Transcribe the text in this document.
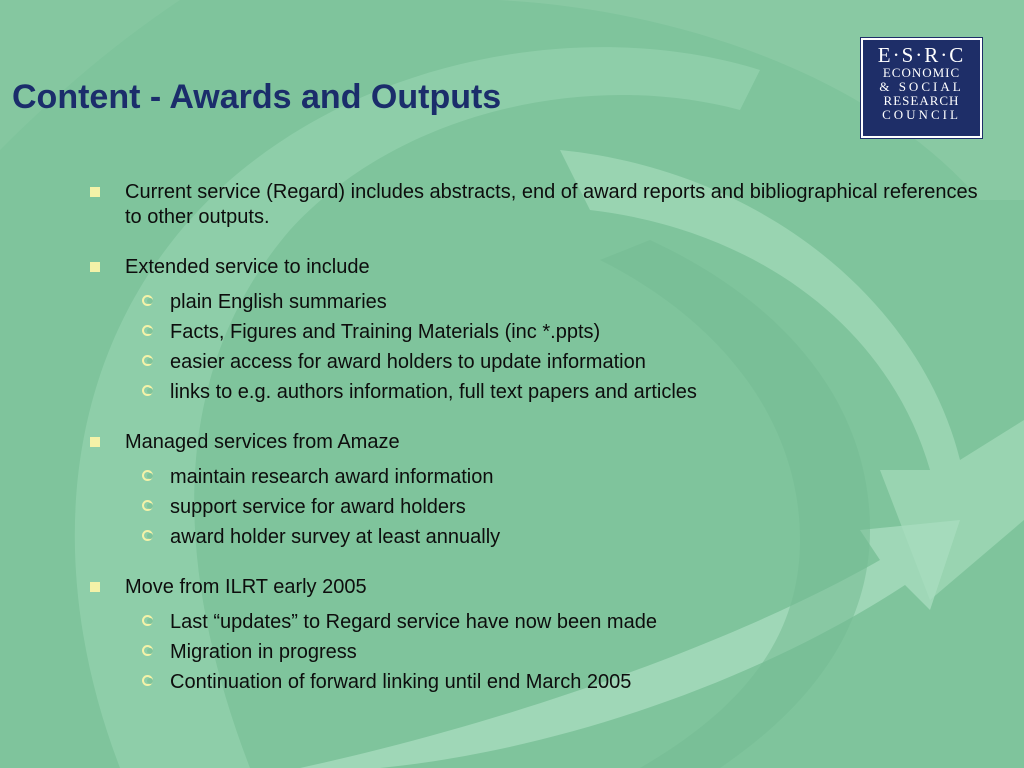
Content - Awards and Outputs
E·S·R·C
ECONOMIC
& SOCIAL
RESEARCH
COUNCIL
Current service (Regard) includes abstracts, end of award reports and bibliographical references to other outputs.
Extended service to include
plain English summaries
Facts, Figures and Training Materials (inc *.ppts)
easier access for award holders to update information
links to e.g. authors information, full text papers and articles
Managed services from Amaze
maintain research award information
support service for award holders
award holder survey at least annually
Move from ILRT early 2005
Last “updates” to Regard service have now been made
Migration in progress
Continuation of forward linking until end March 2005
